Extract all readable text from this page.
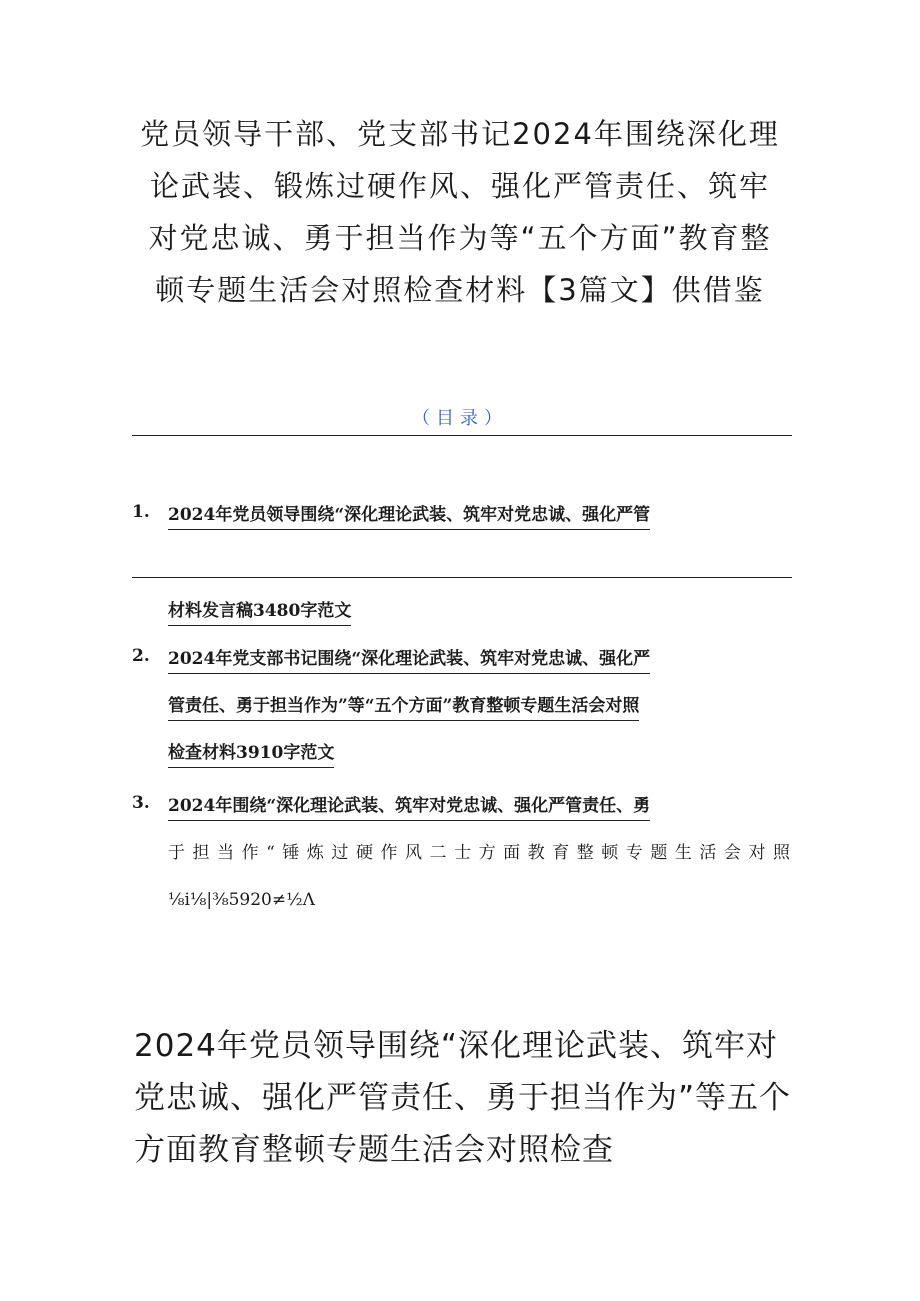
党员领导干部、党支部书记2024年围绕深化理论武装、锻炼过硬作风、强化严管责任、筑牢对党忠诚、勇于担当作为等“五个方面”教育整顿专题生活会对照检查材料【3篇文】供借鉴
（目录）
1.	2024年党员领导围绕“深化理论武装、筑牢对党忠诚、强化严管
材料发言稿3480字范文
2.	2024年党支部书记围绕“深化理论武装、筑牢对党忠诚、强化严
管责任、勇于担当作为”等“五个方面”教育整顿专题生活会对照
检查材料3910字范文
3.	2024年围绕“深化理论武装、筑牢对党忠诚、强化严管责任、勇
于担当作“锤炼过硬作风二士方面教育整顿专题生活会对照
⅛i⅛|⅜5920≠½Λ
2024年党员领导围绕“深化理论武装、筑牢对党忠诚、强化严管责任、勇于担当作为”等五个方面教育整顿专题生活会对照检查
